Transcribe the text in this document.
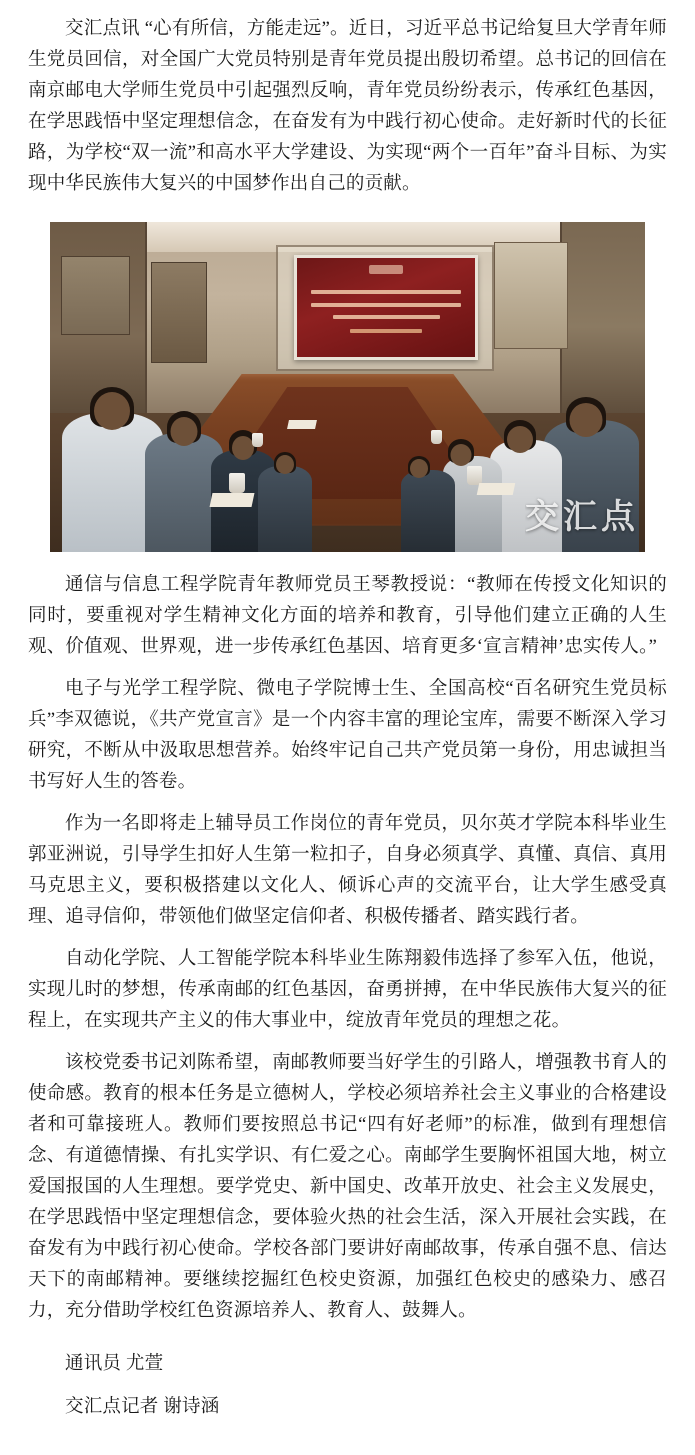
交汇点讯 “心有所信，方能走远”。近日，习近平总书记给复旦大学青年师生党员回信，对全国广大党员特别是青年党员提出殷切希望。总书记的回信在南京邮电大学师生党员中引起强烈反响，青年党员纷纷表示，传承红色基因，在学思践悟中坚定理想信念，在奋发有为中践行初心使命。走好新时代的长征路，为学校“双一流”和高水平大学建设、为实现“两个一百年”奋斗目标、为实现中华民族伟大复兴的中国梦作出自己的贡献。

交汇点

通信与信息工程学院青年教师党员王琴教授说：“教师在传授文化知识的同时，要重视对学生精神文化方面的培养和教育，引导他们建立正确的人生观、价值观、世界观，进一步传承红色基因、培育更多‘宣言精神’忠实传人。”

电子与光学工程学院、微电子学院博士生、全国高校“百名研究生党员标兵”李双德说，《共产党宣言》是一个内容丰富的理论宝库，需要不断深入学习研究，不断从中汲取思想营养。始终牢记自己共产党员第一身份，用忠诚担当书写好人生的答卷。

作为一名即将走上辅导员工作岗位的青年党员，贝尔英才学院本科毕业生郭亚洲说，引导学生扣好人生第一粒扣子，自身必须真学、真懂、真信、真用马克思主义，要积极搭建以文化人、倾诉心声的交流平台，让大学生感受真理、追寻信仰，带领他们做坚定信仰者、积极传播者、踏实践行者。

自动化学院、人工智能学院本科毕业生陈翔毅伟选择了参军入伍，他说，实现儿时的梦想，传承南邮的红色基因，奋勇拼搏，在中华民族伟大复兴的征程上，在实现共产主义的伟大事业中，绽放青年党员的理想之花。

该校党委书记刘陈希望，南邮教师要当好学生的引路人，增强教书育人的使命感。教育的根本任务是立德树人，学校必须培养社会主义事业的合格建设者和可靠接班人。教师们要按照总书记“四有好老师”的标准，做到有理想信念、有道德情操、有扎实学识、有仁爱之心。南邮学生要胸怀祖国大地，树立爱国报国的人生理想。要学党史、新中国史、改革开放史、社会主义发展史，在学思践悟中坚定理想信念，要体验火热的社会生活，深入开展社会实践，在奋发有为中践行初心使命。学校各部门要讲好南邮故事，传承自强不息、信达天下的南邮精神。要继续挖掘红色校史资源，加强红色校史的感染力、感召力，充分借助学校红色资源培养人、教育人、鼓舞人。

通讯员 尤萱

交汇点记者 谢诗涵
